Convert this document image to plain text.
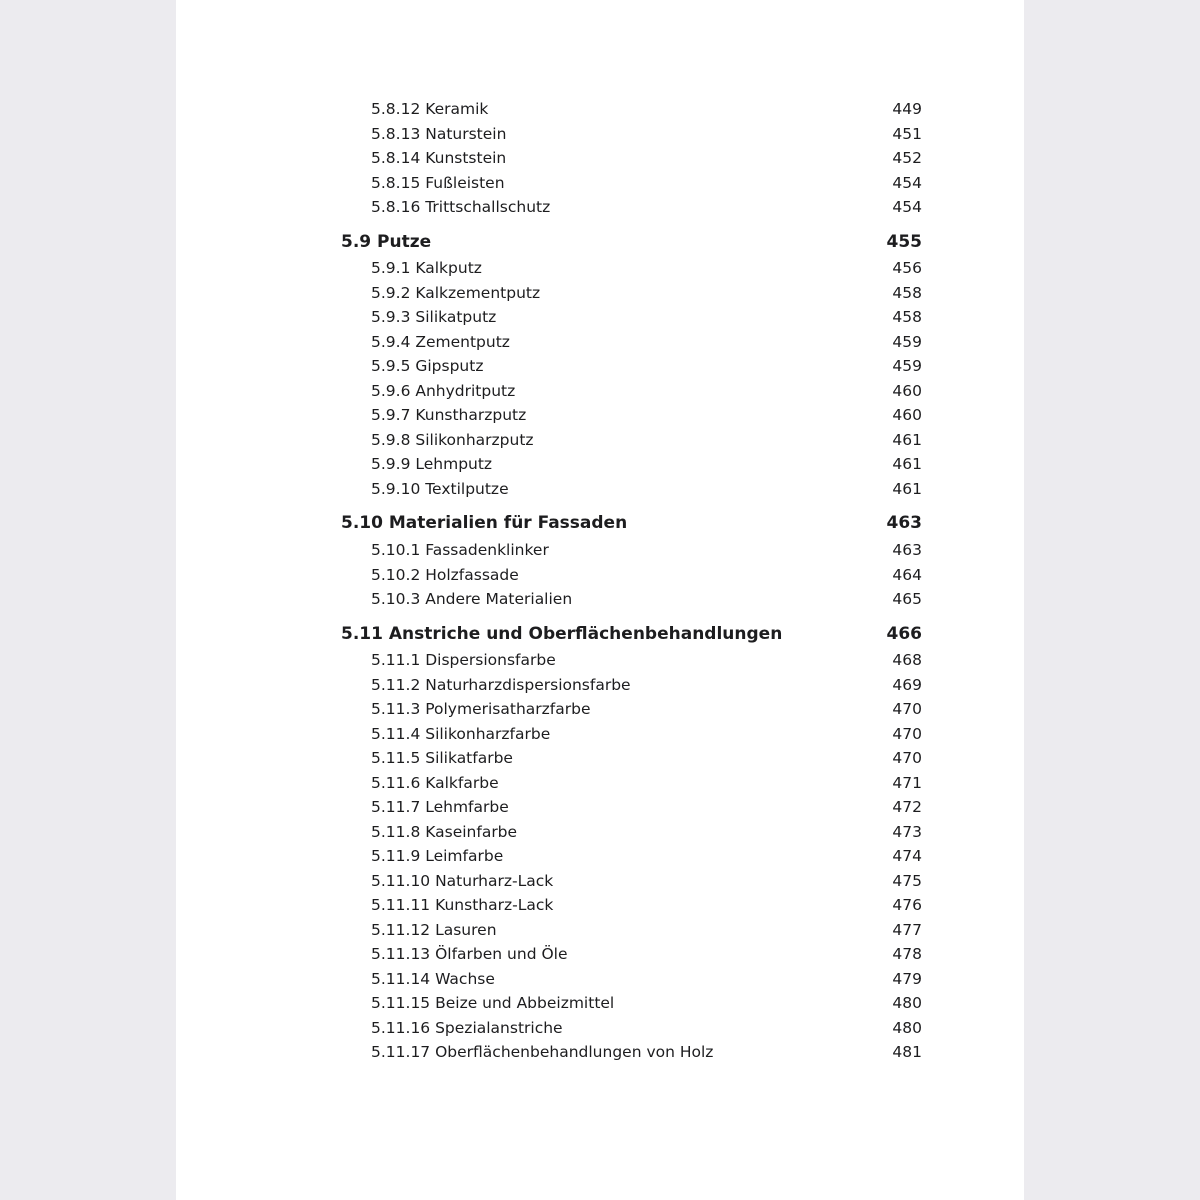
5.8.12 Keramik	449
5.8.13 Naturstein	451
5.8.14 Kunststein	452
5.8.15 Fußleisten	454
5.8.16 Trittschallschutz	454
5.9 Putze	455
5.9.1 Kalkputz	456
5.9.2 Kalkzementputz	458
5.9.3 Silikatputz	458
5.9.4 Zementputz	459
5.9.5 Gipsputz	459
5.9.6 Anhydritputz	460
5.9.7 Kunstharzputz	460
5.9.8 Silikonharzputz	461
5.9.9 Lehmputz	461
5.9.10 Textilputze	461
5.10 Materialien für Fassaden	463
5.10.1 Fassadenklinker	463
5.10.2 Holzfassade	464
5.10.3 Andere Materialien	465
5.11 Anstriche und Oberflächenbehandlungen	466
5.11.1 Dispersionsfarbe	468
5.11.2 Naturharzdispersionsfarbe	469
5.11.3 Polymerisatharzfarbe	470
5.11.4 Silikonharzfarbe	470
5.11.5 Silikatfarbe	470
5.11.6 Kalkfarbe	471
5.11.7 Lehmfarbe	472
5.11.8 Kaseinfarbe	473
5.11.9 Leimfarbe	474
5.11.10 Naturharz-Lack	475
5.11.11 Kunstharz-Lack	476
5.11.12 Lasuren	477
5.11.13 Ölfarben und Öle	478
5.11.14 Wachse	479
5.11.15 Beize und Abbeizmittel	480
5.11.16 Spezialanstriche	480
5.11.17 Oberflächenbehandlungen von Holz	481
